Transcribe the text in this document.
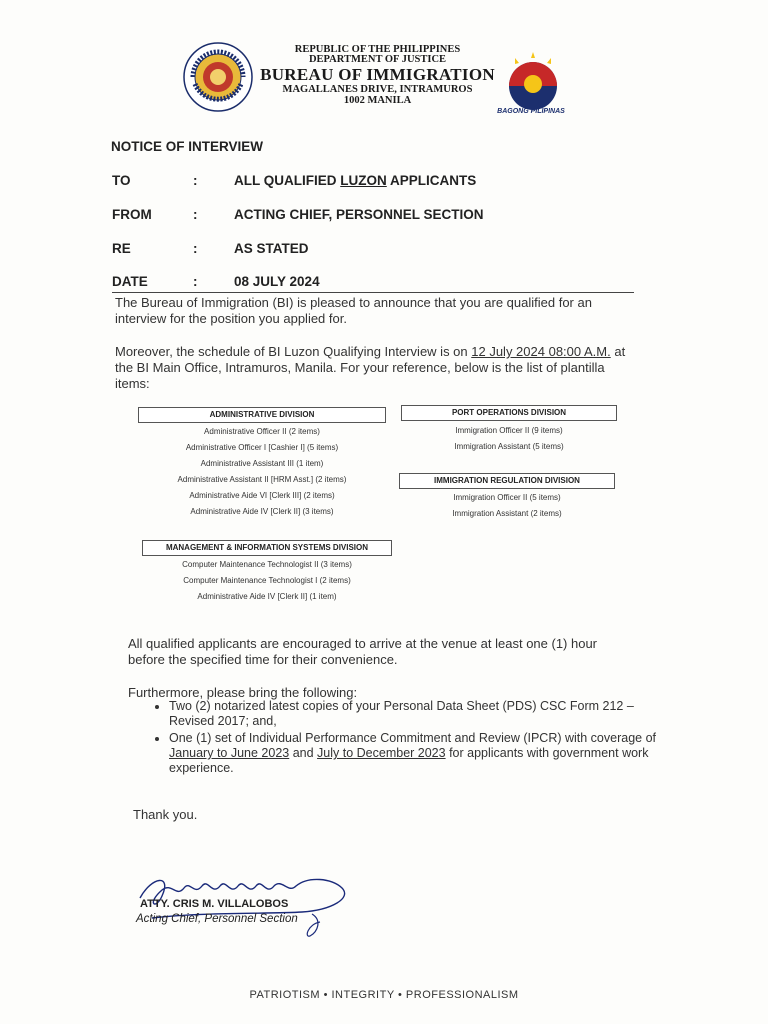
REPUBLIC OF THE PHILIPPINES
DEPARTMENT OF JUSTICE
BUREAU OF IMMIGRATION
MAGALLANES DRIVE, INTRAMUROS
1002 MANILA
BAGONG PILIPINAS
NOTICE OF INTERVIEW
TO	:	ALL QUALIFIED LUZON APPLICANTS
FROM	:	ACTING CHIEF, PERSONNEL SECTION
RE	:	AS STATED
DATE	:	08 JULY 2024
The Bureau of Immigration (BI) is pleased to announce that you are qualified for an interview for the position you applied for.
Moreover, the schedule of BI Luzon Qualifying Interview is on 12 July 2024 08:00 A.M. at the BI Main Office, Intramuros, Manila. For your reference, below is the list of plantilla items:
ADMINISTRATIVE DIVISION
Administrative Officer II (2 items)
Administrative Officer I [Cashier I] (5 items)
Administrative Assistant III (1 item)
Administrative Assistant II [HRM Asst.] (2 items)
Administrative Aide VI [Clerk III] (2 items)
Administrative Aide IV [Clerk II] (3 items)
PORT OPERATIONS DIVISION
Immigration Officer II (9 items)
Immigration Assistant (5 items)
IMMIGRATION REGULATION DIVISION
Immigration Officer II (5 items)
Immigration Assistant (2 items)
MANAGEMENT & INFORMATION SYSTEMS DIVISION
Computer Maintenance Technologist II (3 items)
Computer Maintenance Technologist I (2 items)
Administrative Aide IV [Clerk II] (1 item)
All qualified applicants are encouraged to arrive at the venue at least one (1) hour before the specified time for their convenience.
Furthermore, please bring the following:
• Two (2) notarized latest copies of your Personal Data Sheet (PDS) CSC Form 212 – Revised 2017; and,
• One (1) set of Individual Performance Commitment and Review (IPCR) with coverage of January to June 2023 and July to December 2023 for applicants with government work experience.
Thank you.
ATTY. CRIS M. VILLALOBOS
Acting Chief, Personnel Section
PATRIOTISM • INTEGRITY • PROFESSIONALISM
